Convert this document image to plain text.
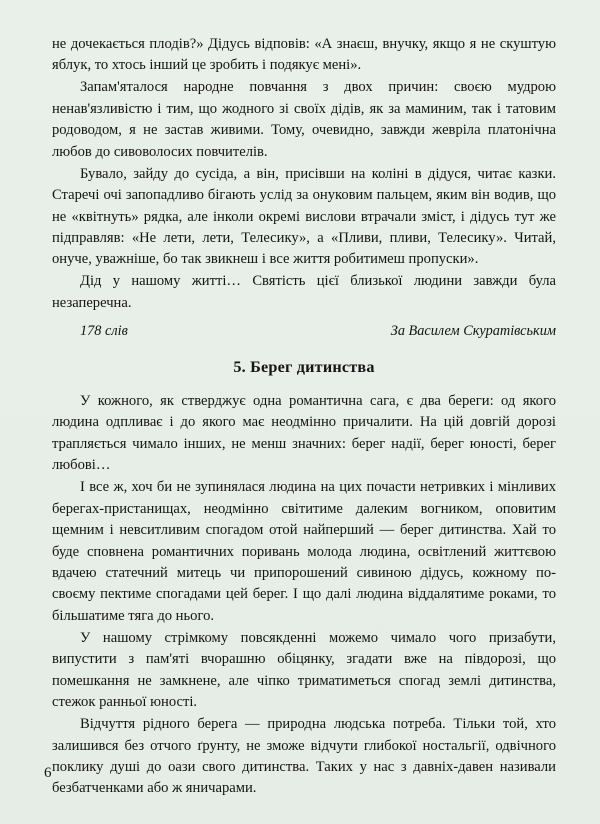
не дочекається плодів?» Дідусь відповів: «А знаєш, внучку, якщо я не скуштую яблук, то хтось інший це зробить і подякує мені».

Запам'яталося народне повчання з двох причин: своєю мудрою ненав'язливістю і тим, що жодного зі своїх дідів, як за маминим, так і татовим родоводом, я не застав живими. Тому, очевидно, завжди жевріла платонічна любов до сивоволосих повчителів.

Бувало, зайду до сусіда, а він, присівши на колінi в дідуся, читає казки. Старечі очі запопадливо бігають услід за онуковим пальцем, яким він водив, що не «квітнуть» рядка, але інколи окремі вислови втрачали зміст, і дідусь тут же підправляв: «Не лети, лети, Телесику», а «Пливи, пливи, Телесику». Читай, онуче, уважніше, бо так звикнеш і все життя робитимеш пропуски».

Дід у нашому житті… Святість цієї близької людини завжди була незаперечна.

178 слів	За Василем Скуратівським
5. Берег дитинства

У кожного, як стверджує одна романтична сага, є два береги: од якого людина одпливає і до якого має неодмінно причалити. На цій довгій дорозі трапляється чимало інших, не менш значних: берег надії, берег юності, берег любові…

І все ж, хоч би не зупинялася людина на цих почасти нетривких і мінливих берегах-пристанищах, неодмінно світитиме далеким вогником, оповитим щемним і невситливим спогадом отой найперший — берег дитинства. Хай то буде сповнена романтичних поривань молода людина, освітлений життєвою вдачею статечний митець чи припорошений сивиною дідусь, кожному по-своєму пектиме спогадами цей берег. І що далі людина віддалятиме роками, то більшатиме тяга до нього.

У нашому стрімкому повсякденні можемо чимало чого призабути, випустити з пам'яті вчорашню обіцянку, згадати вже на півдорозі, що помешкання не замкнене, але чіпко триматиметься спогад землі дитинства, стежок ранньої юності.

Відчуття рідного берега — природна людська потреба. Тільки той, хто залишився без отчого ґрунту, не зможе відчути глибокої ностальгії, одвічного поклику душі до оази свого дитинства. Таких у нас з давніх-давен називали безбатченками або ж яничарами.

6
